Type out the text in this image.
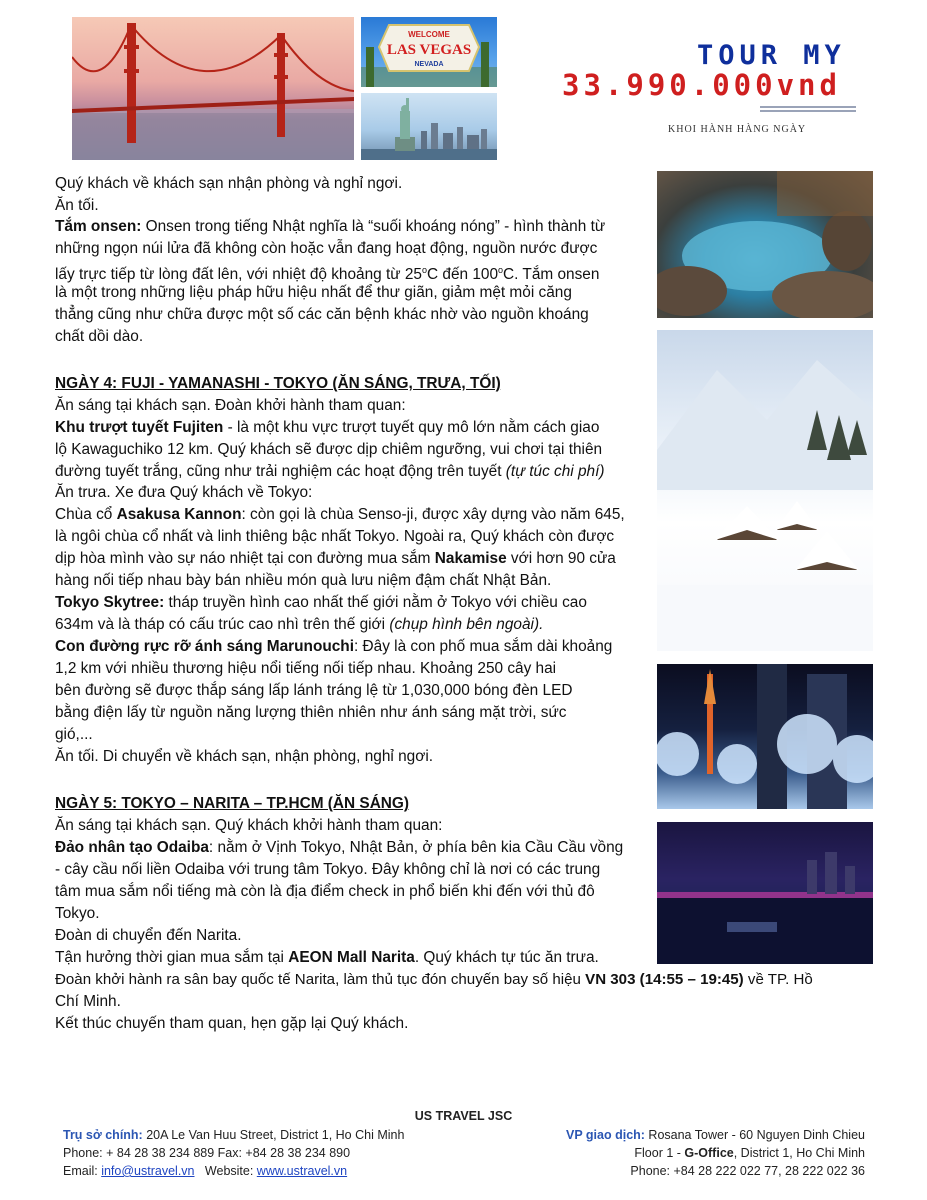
WELCOME
LAS VEGAS
NEVADA	TOUR MY
33.990.000vnd
KHOI HÀNH HÀNG NGÀY
Quý khách về khách sạn nhận phòng và nghỉ ngơi.
Ăn tối.
Tắm onsen: Onsen trong tiếng Nhật nghĩa là “suối khoáng nóng” - hình thành từ
những ngọn núi lửa đã không còn hoặc vẫn đang hoạt động, nguồn nước được
lấy trực tiếp từ lòng đất lên, với nhiệt độ khoảng từ 25$^o$C đến 100$^o$C. Tắm onsen
là một trong những liệu pháp hữu hiệu nhất để thư giãn, giảm mệt mỏi căng
thẳng cũng như chữa được một số các căn bệnh khác nhờ vào nguồn khoáng
chất dồi dào.
NGÀY 4: FUJI - YAMANASHI - TOKYO (ĂN SÁNG, TRƯA, TỐI)
Ăn sáng tại khách sạn. Đoàn khởi hành tham quan:
Khu trượt tuyết Fujiten - là một khu vực trượt tuyết quy mô lớn nằm cách giao
lộ Kawaguchiko 12 km. Quý khách sẽ được dịp chiêm ngưỡng, vui chơi tại thiên
đường tuyết trắng, cũng như trải nghiệm các hoạt động trên tuyết (tự túc chi phí)
Ăn trưa. Xe đưa Quý khách về Tokyo:
Chùa cổ Asakusa Kannon: còn gọi là chùa Senso-ji, được xây dựng vào năm 645,
là ngôi chùa cổ nhất và linh thiêng bậc nhất Tokyo. Ngoài ra, Quý khách còn được
dịp hòa mình vào sự náo nhiệt tại con đường mua sắm Nakamise với hơn 90 cửa
hàng nối tiếp nhau bày bán nhiều món quà lưu niệm đậm chất Nhật Bản.
Tokyo Skytree: tháp truyền hình cao nhất thế giới nằm ở Tokyo với chiều cao
634m và là tháp có cấu trúc cao nhì trên thế giới (chụp hình bên ngoài).
Con đường rực rỡ ánh sáng Marunouchi: Đây là con phố mua sắm dài khoảng
1,2 km với nhiều thương hiệu nổi tiếng nối tiếp nhau. Khoảng 250 cây hai
bên đường sẽ được thắp sáng lấp lánh tráng lệ từ 1,030,000 bóng đèn LED
bằng điện lấy từ nguồn năng lượng thiên nhiên như ánh sáng mặt trời, sức
gió,...
Ăn tối. Di chuyển về khách sạn, nhận phòng, nghỉ ngơi.
NGÀY 5: TOKYO – NARITA – TP.HCM (ĂN SÁNG)
Ăn sáng tại khách sạn. Quý khách khởi hành tham quan:
Đảo nhân tạo Odaiba: nằm ở Vịnh Tokyo, Nhật Bản, ở phía bên kia Cầu Cầu vồng
- cây cầu nối liền Odaiba với trung tâm Tokyo. Đây không chỉ là nơi có các trung
tâm mua sắm nổi tiếng mà còn là địa điểm check in phổ biến khi đến với thủ đô
Tokyo.
Đoàn di chuyển đến Narita.
Tận hưởng thời gian mua sắm tại AEON Mall Narita. Quý khách tự túc ăn trưa.
Đoàn khởi hành ra sân bay quốc tế Narita, làm thủ tục đón chuyến bay số hiệu VN 303 (14:55 – 19:45) về TP. Hồ
Chí Minh.
Kết thúc chuyến tham quan, hẹn gặp lại Quý khách.
US TRAVEL JSC
Trụ sở chính: 20A Le Van Huu Street, District 1, Ho Chi Minh
Phone: + 84 28 38 234 889 Fax: +84 28 38 234 890
Email: info@ustravel.vn   Website: www.ustravel.vn
VP giao dịch: Rosana Tower - 60 Nguyen Dinh Chieu
Floor 1 - G-Office, District 1, Ho Chi Minh
Phone: +84 28 222 022 77, 28 222 022 36
